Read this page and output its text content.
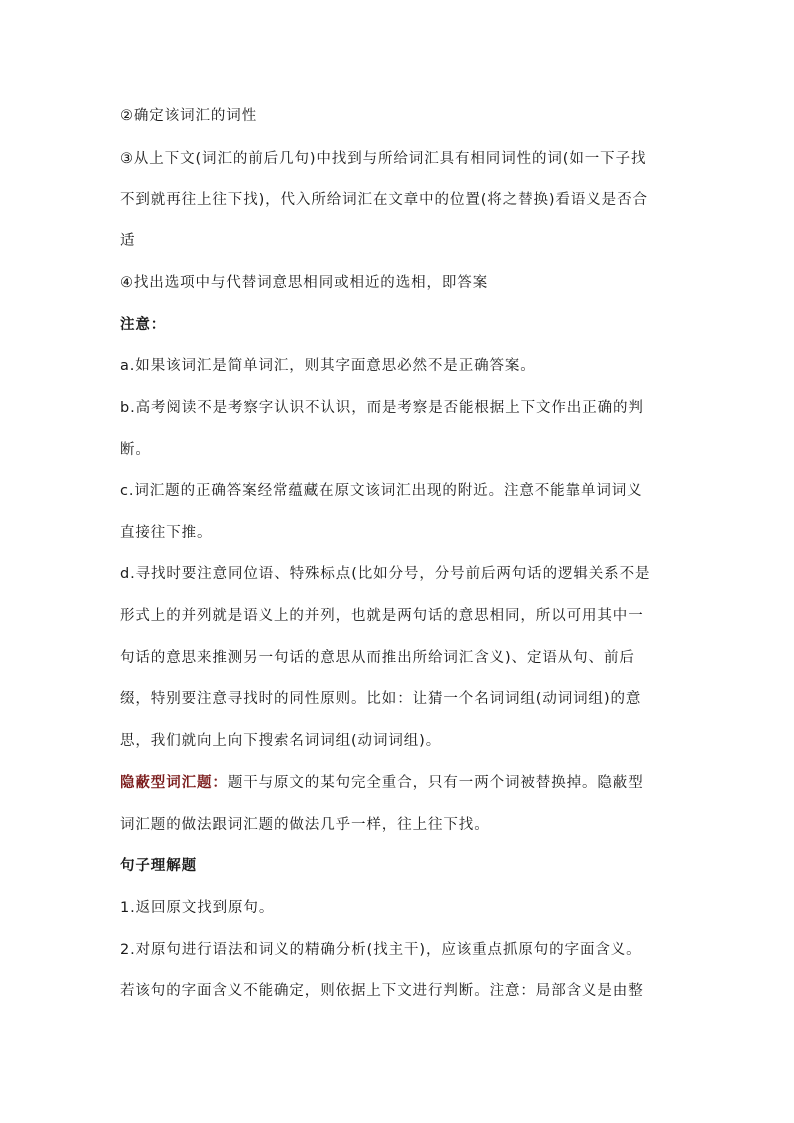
②确定该词汇的词性
③从上下文(词汇的前后几句)中找到与所给词汇具有相同词性的词(如一下子找
不到就再往上往下找)，代入所给词汇在文章中的位置(将之替换)看语义是否合
适
④找出选项中与代替词意思相同或相近的选相，即答案
注意：
a.如果该词汇是简单词汇，则其字面意思必然不是正确答案。
b.高考阅读不是考察字认识不认识，而是考察是否能根据上下文作出正确的判
断。
c.词汇题的正确答案经常蕴藏在原文该词汇出现的附近。注意不能靠单词词义
直接往下推。
d.寻找时要注意同位语、特殊标点(比如分号，分号前后两句话的逻辑关系不是
形式上的并列就是语义上的并列，也就是两句话的意思相同，所以可用其中一
句话的意思来推测另一句话的意思从而推出所给词汇含义)、定语从句、前后
缀，特别要注意寻找时的同性原则。比如：让猜一个名词词组(动词词组)的意
思，我们就向上向下搜索名词词组(动词词组)。
隐蔽型词汇题：题干与原文的某句完全重合，只有一两个词被替换掉。隐蔽型
词汇题的做法跟词汇题的做法几乎一样，往上往下找。
句子理解题
1.返回原文找到原句。
2.对原句进行语法和词义的精确分析(找主干)，应该重点抓原句的字面含义。
若该句的字面含义不能确定，则依据上下文进行判断。注意：局部含义是由整
